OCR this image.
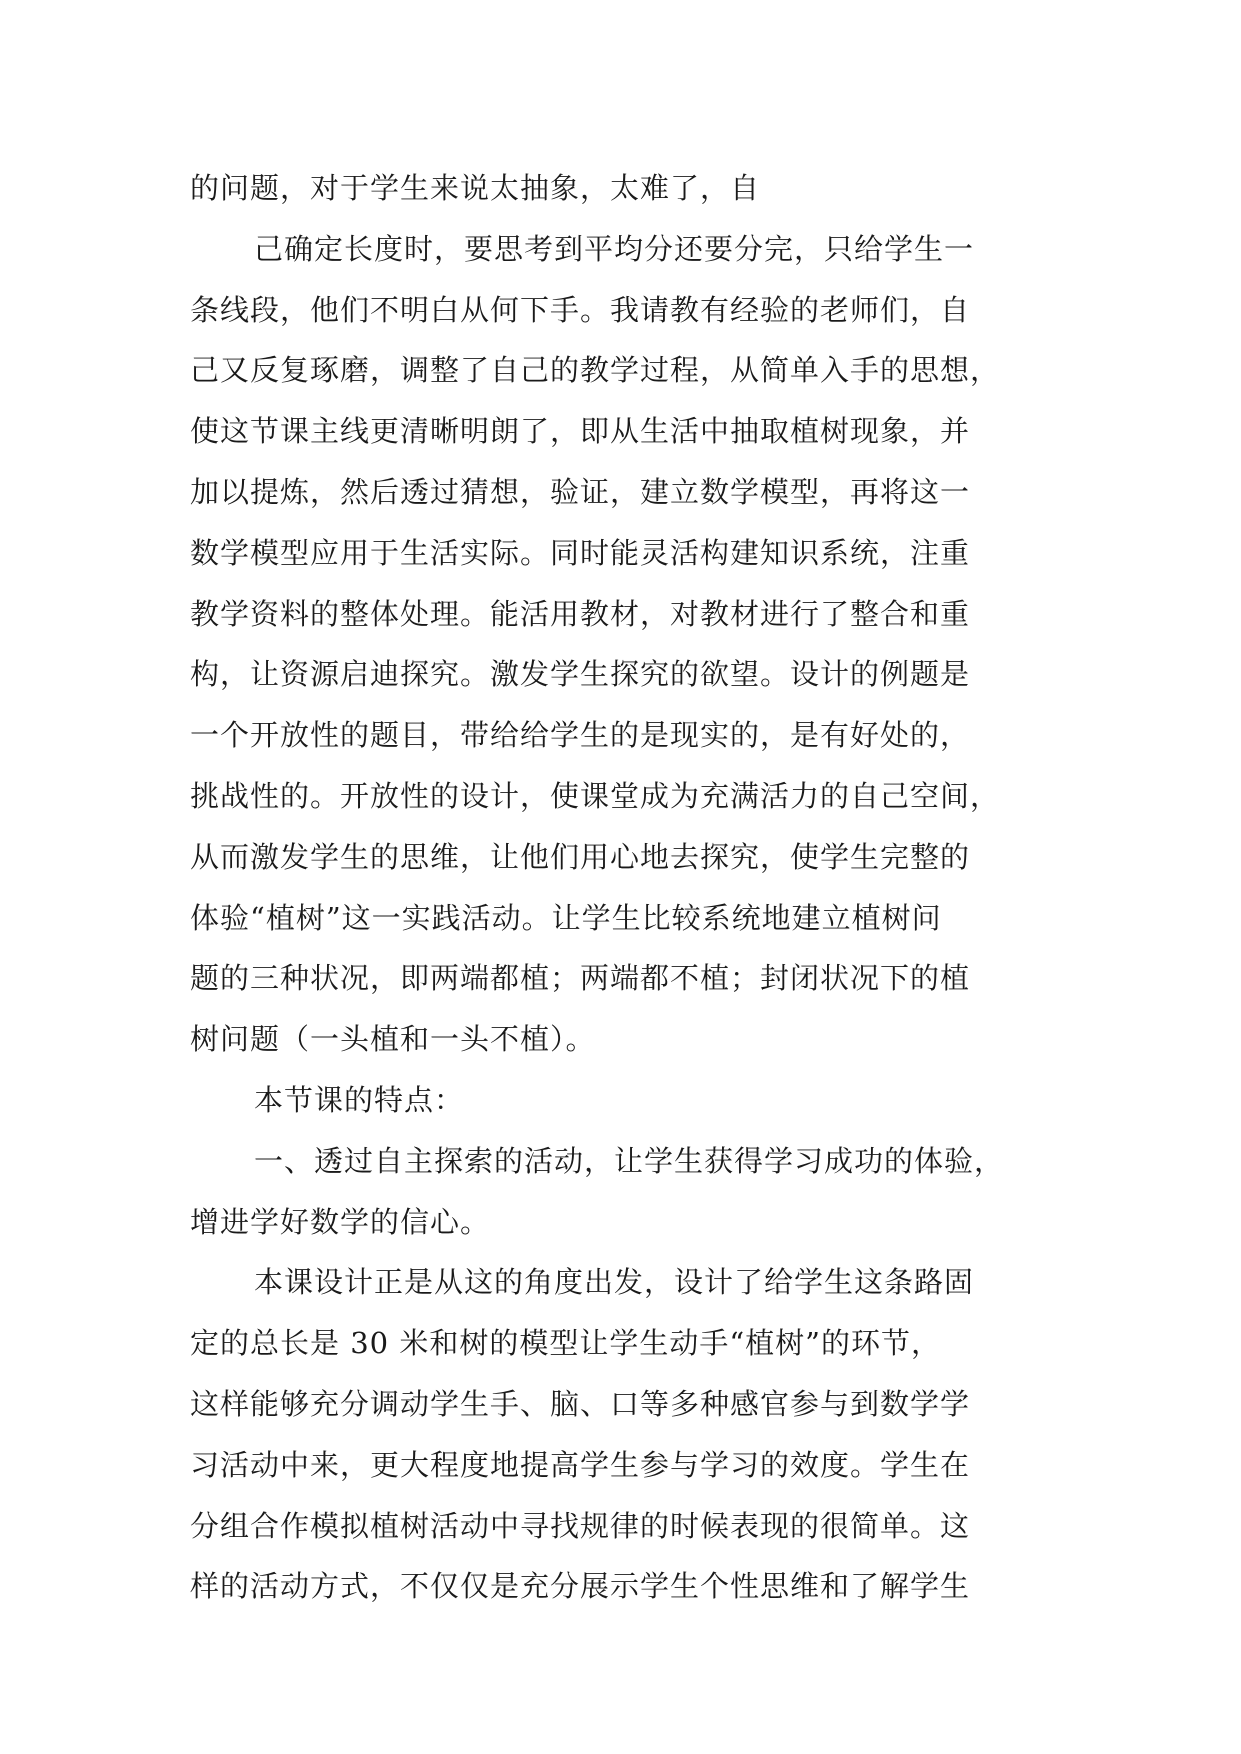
的问题，对于学生来说太抽象，太难了，自
己确定长度时，要思考到平均分还要分完，只给学生一
条线段，他们不明白从何下手。我请教有经验的老师们，自
己又反复琢磨，调整了自己的教学过程，从简单入手的思想，
使这节课主线更清晰明朗了，即从生活中抽取植树现象，并
加以提炼，然后透过猜想，验证，建立数学模型，再将这一
数学模型应用于生活实际。同时能灵活构建知识系统，注重
教学资料的整体处理。能活用教材，对教材进行了整合和重
构，让资源启迪探究。激发学生探究的欲望。设计的例题是
一个开放性的题目，带给给学生的是现实的，是有好处的，
挑战性的。开放性的设计，使课堂成为充满活力的自己空间，
从而激发学生的思维，让他们用心地去探究，使学生完整的
体验“植树”这一实践活动。让学生比较系统地建立植树问
题的三种状况，即两端都植；两端都不植；封闭状况下的植
树问题（一头植和一头不植）。
本节课的特点：
一、透过自主探索的活动，让学生获得学习成功的体验，
增进学好数学的信心。
本课设计正是从这的角度出发，设计了给学生这条路固
定的总长是 30 米和树的模型让学生动手“植树”的环节，
这样能够充分调动学生手、脑、口等多种感官参与到数学学
习活动中来，更大程度地提高学生参与学习的效度。学生在
分组合作模拟植树活动中寻找规律的时候表现的很简单。这
样的活动方式，不仅仅是充分展示学生个性思维和了解学生
